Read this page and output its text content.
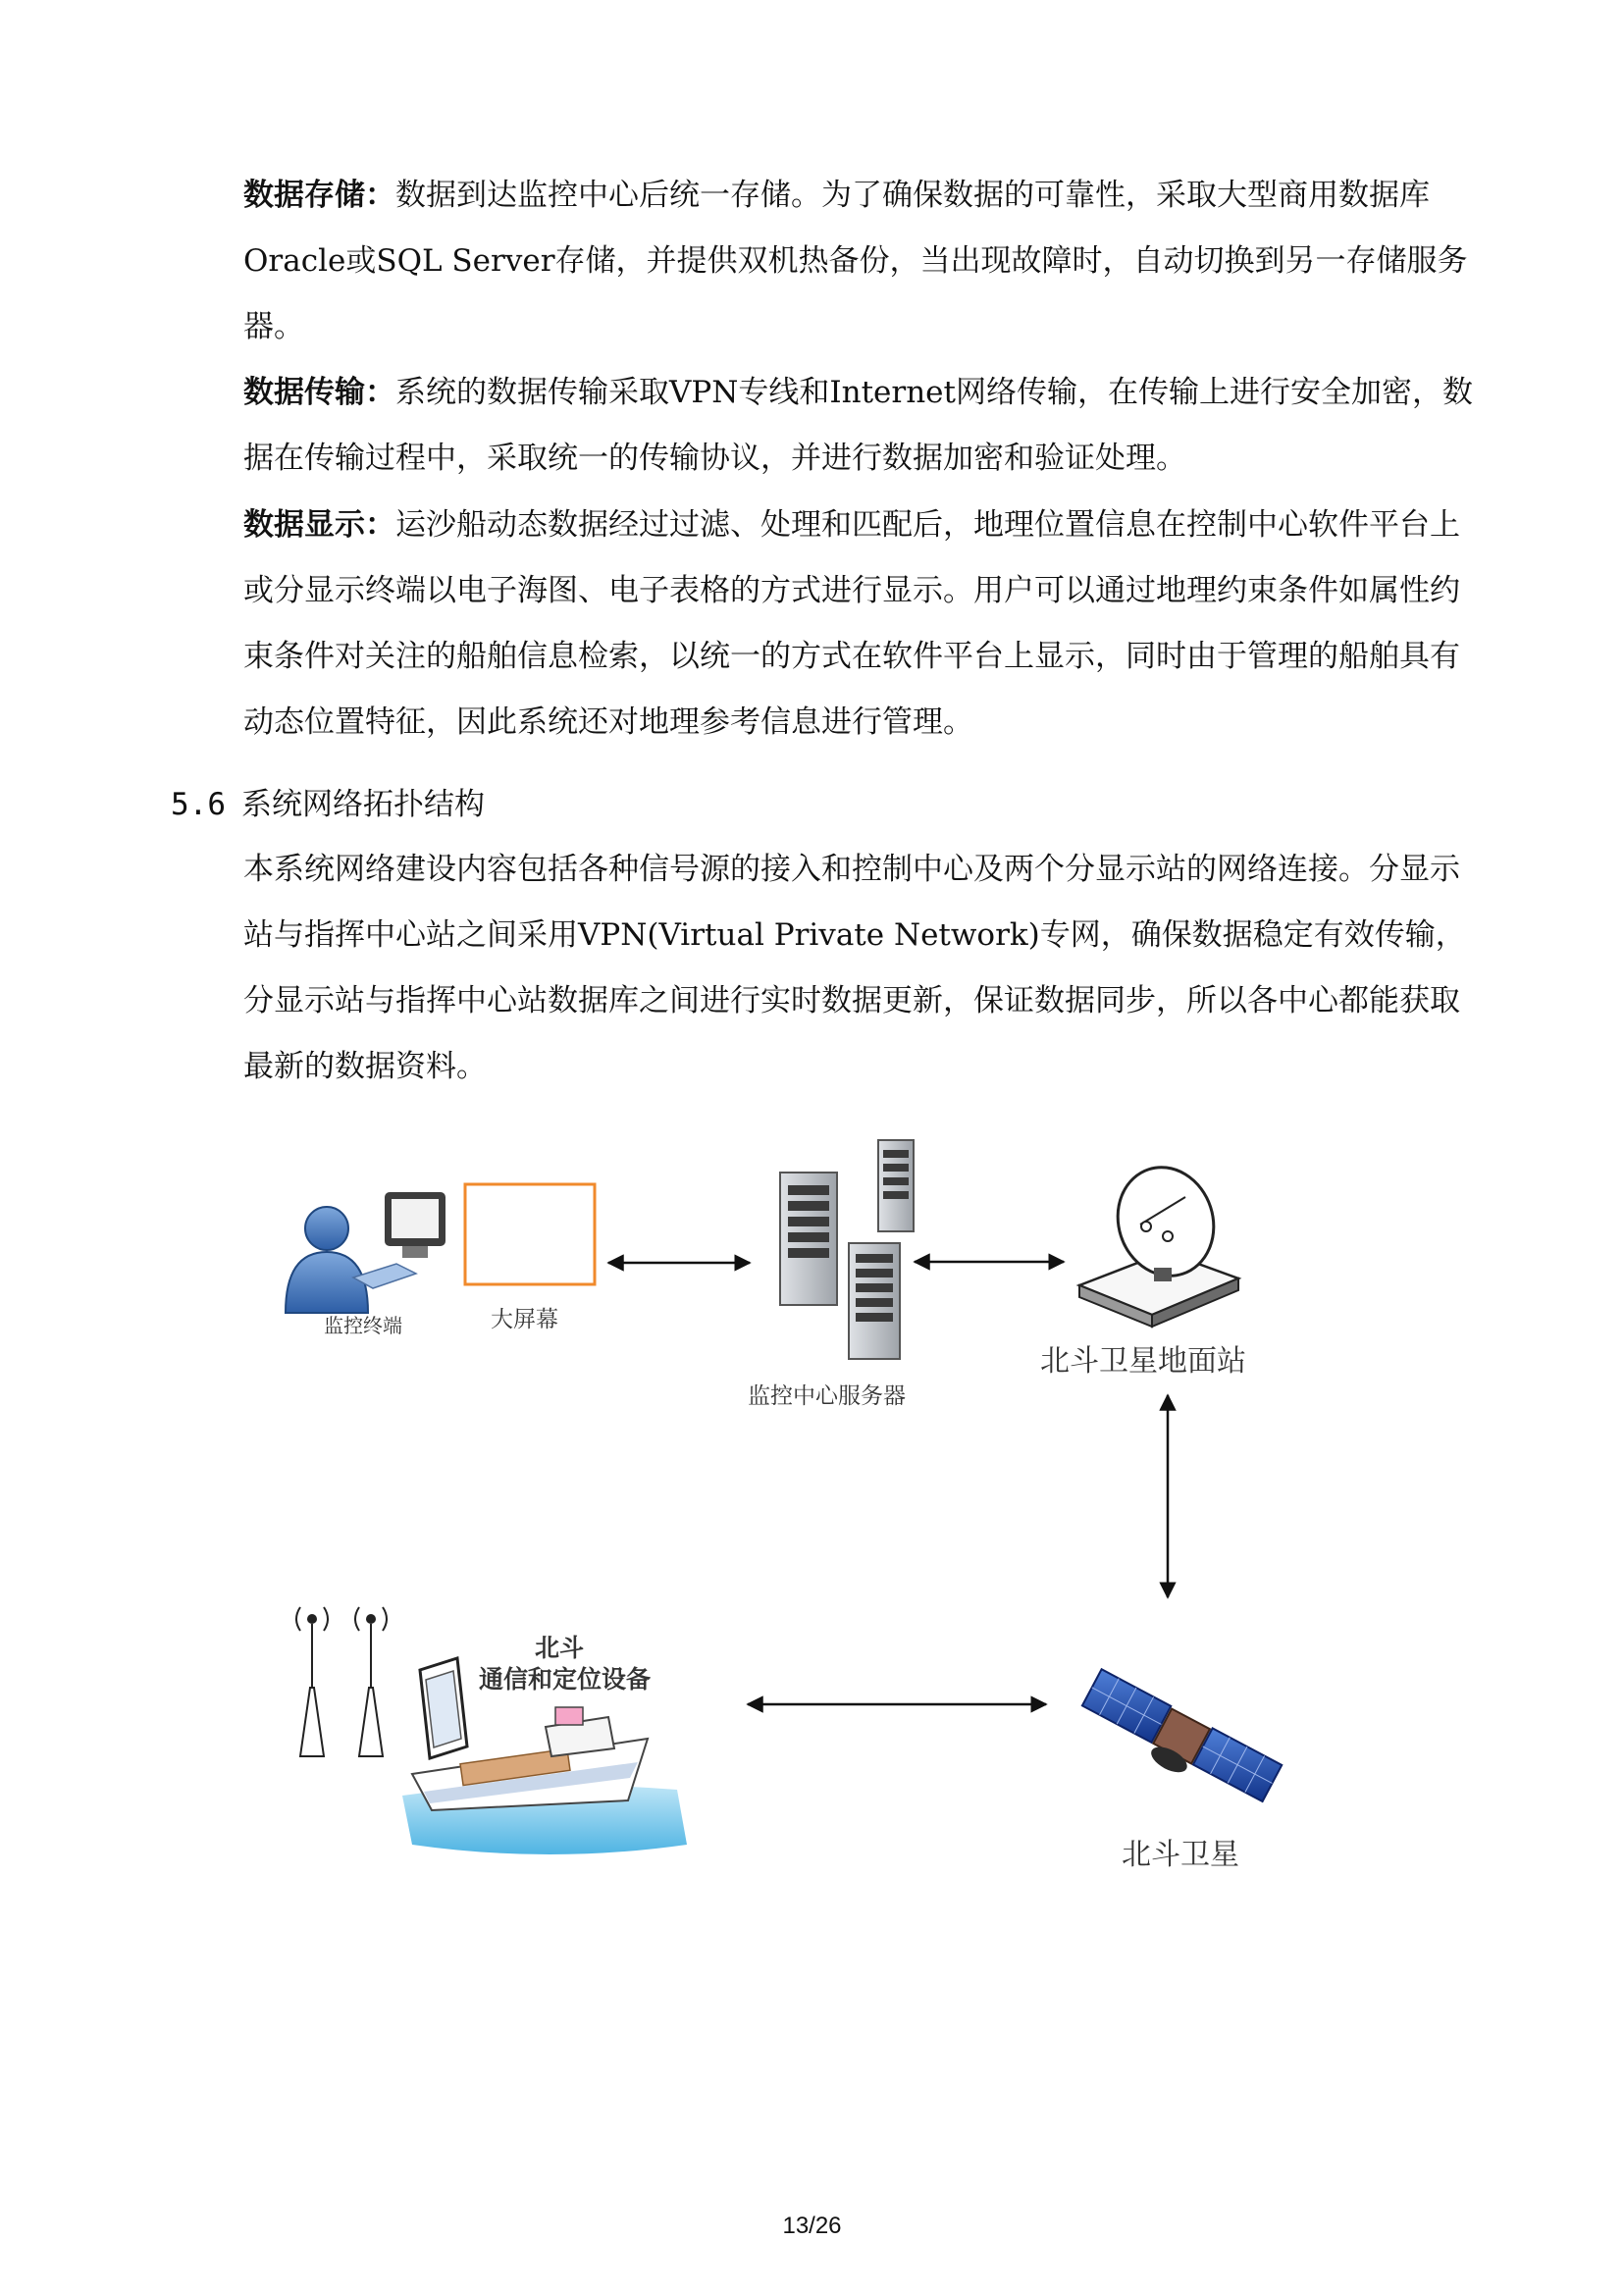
数据存储：数据到达监控中心后统一存储。为了确保数据的可靠性，采取大型商用数据库Oracle或SQL Server存储，并提供双机热备份，当出现故障时，自动切换到另一存储服务器。

数据传输：系统的数据传输采取VPN专线和Internet网络传输，在传输上进行安全加密，数据在传输过程中，采取统一的传输协议，并进行数据加密和验证处理。

数据显示：运沙船动态数据经过过滤、处理和匹配后，地理位置信息在控制中心软件平台上或分显示终端以电子海图、电子表格的方式进行显示。用户可以通过地理约束条件如属性约束条件对关注的船舶信息检索，以统一的方式在软件平台上显示，同时由于管理的船舶具有动态位置特征，因此系统还对地理参考信息进行管理。

5.6 系统网络拓扑结构

本系统网络建设内容包括各种信号源的接入和控制中心及两个分显示站的网络连接。分显示站与指挥中心站之间采用VPN(Virtual Private Network)专网，确保数据稳定有效传输，分显示站与指挥中心站数据库之间进行实时数据更新，保证数据同步，所以各中心都能获取最新的数据资料。

监控终端	大屏幕
监控中心服务器
北斗卫星地面站
北斗
通信和定位设备
北斗卫星
13/26
